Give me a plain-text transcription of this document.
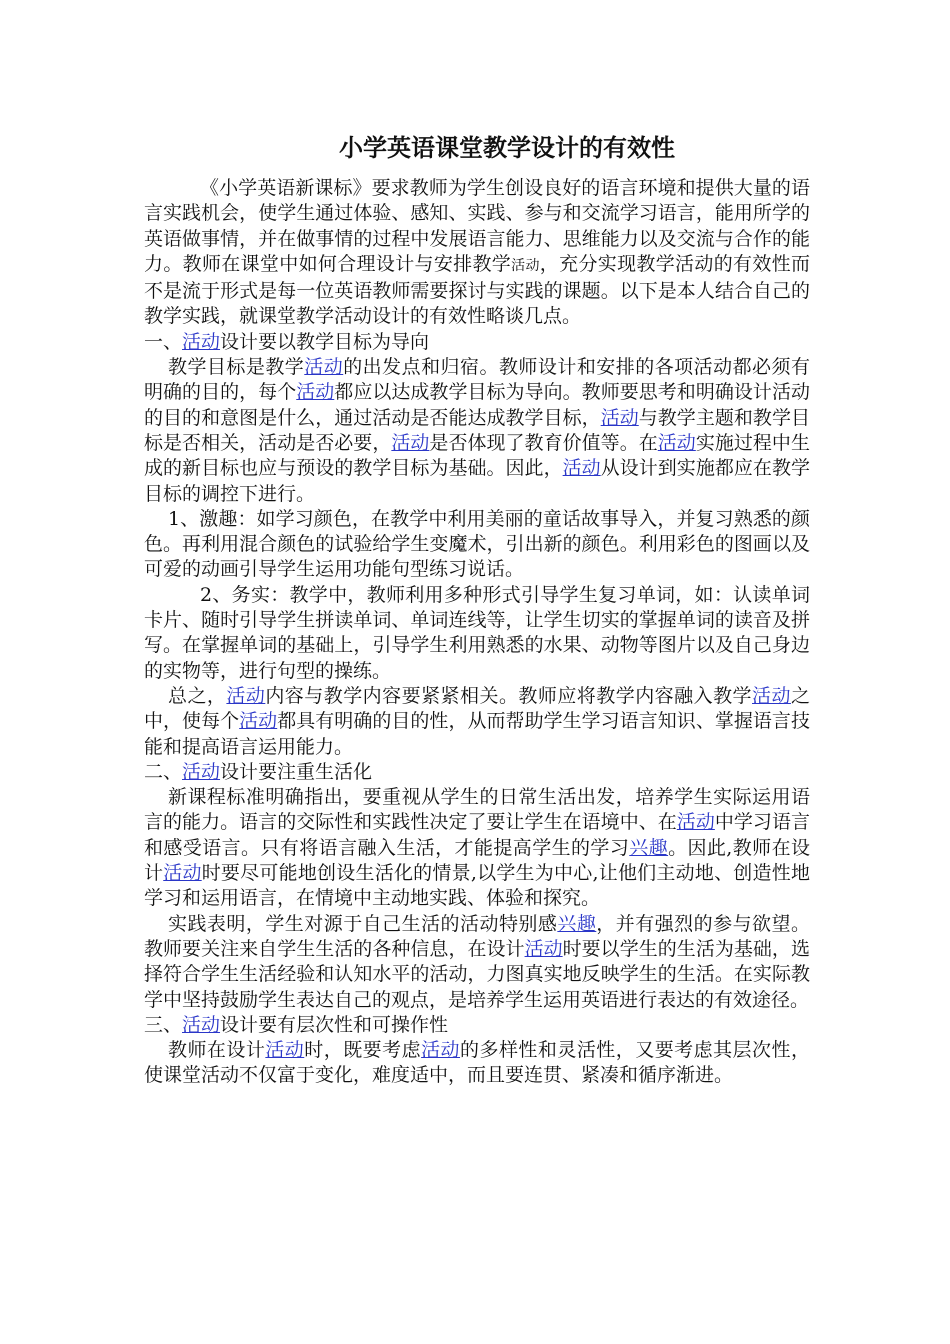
小学英语课堂教学设计的有效性

《小学英语新课标》要求教师为学生创设良好的语言环境和提供大量的语言实践机会，使学生通过体验、感知、实践、参与和交流学习语言，能用所学的英语做事情，并在做事情的过程中发展语言能力、思维能力以及交流与合作的能力。教师在课堂中如何合理设计与安排教学活动，充分实现教学活动的有效性而不是流于形式是每一位英语教师需要探讨与实践的课题。以下是本人结合自己的教学实践，就课堂教学活动设计的有效性略谈几点。

一、活动设计要以教学目标为导向

教学目标是教学活动的出发点和归宿。教师设计和安排的各项活动都必须有明确的目的，每个活动都应以达成教学目标为导向。教师要思考和明确设计活动的目的和意图是什么，通过活动是否能达成教学目标，活动与教学主题和教学目标是否相关，活动是否必要，活动是否体现了教育价值等。在活动实施过程中生成的新目标也应与预设的教学目标为基础。因此，活动从设计到实施都应在教学目标的调控下进行。

1、激趣：如学习颜色，在教学中利用美丽的童话故事导入，并复习熟悉的颜色。再利用混合颜色的试验给学生变魔术，引出新的颜色。利用彩色的图画以及可爱的动画引导学生运用功能句型练习说话。

2、务实：教学中，教师利用多种形式引导学生复习单词，如：认读单词卡片、随时引导学生拼读单词、单词连线等，让学生切实的掌握单词的读音及拼写。在掌握单词的基础上，引导学生利用熟悉的水果、动物等图片以及自己身边的实物等，进行句型的操练。

总之，活动内容与教学内容要紧紧相关。教师应将教学内容融入教学活动之中，使每个活动都具有明确的目的性，从而帮助学生学习语言知识、掌握语言技能和提高语言运用能力。

二、活动设计要注重生活化

新课程标准明确指出，要重视从学生的日常生活出发，培养学生实际运用语言的能力。语言的交际性和实践性决定了要让学生在语境中、在活动中学习语言和感受语言。只有将语言融入生活，才能提高学生的学习兴趣。因此,教师在设计活动时要尽可能地创设生活化的情景,以学生为中心,让他们主动地、创造性地学习和运用语言，在情境中主动地实践、体验和探究。

实践表明，学生对源于自己生活的活动特别感兴趣，并有强烈的参与欲望。教师要关注来自学生生活的各种信息，在设计活动时要以学生的生活为基础，选择符合学生生活经验和认知水平的活动，力图真实地反映学生的生活。在实际教学中坚持鼓励学生表达自己的观点，是培养学生运用英语进行表达的有效途径。

三、活动设计要有层次性和可操作性

教师在设计活动时，既要考虑活动的多样性和灵活性，又要考虑其层次性，使课堂活动不仅富于变化，难度适中，而且要连贯、紧凑和循序渐进。
